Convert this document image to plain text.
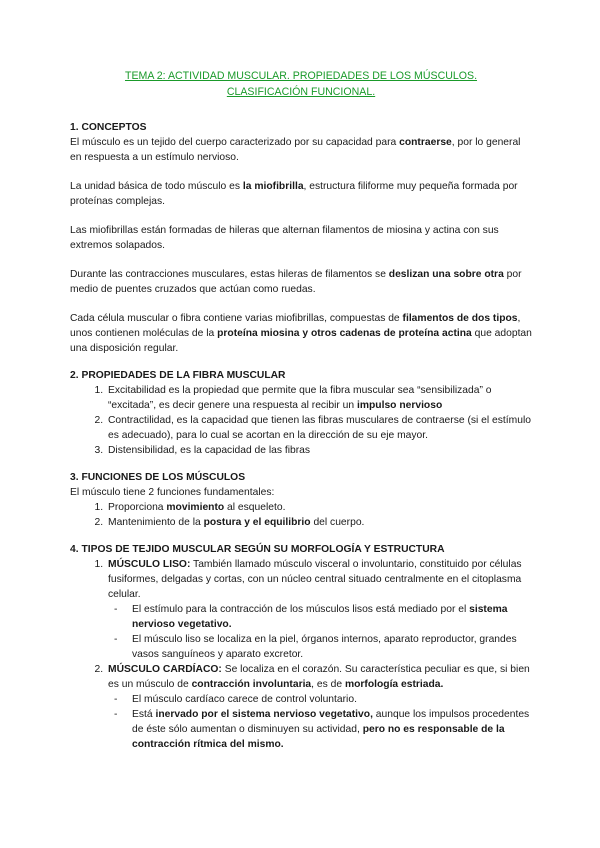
TEMA 2: ACTIVIDAD MUSCULAR. PROPIEDADES DE LOS MÚSCULOS.
CLASIFICACIÓN FUNCIONAL.
1. CONCEPTOS

El músculo es un tejido del cuerpo caracterizado por su capacidad para contraerse, por lo general en respuesta a un estímulo nervioso.

La unidad básica de todo músculo es la miofibrilla, estructura filiforme muy pequeña formada por proteínas complejas.

Las miofibrillas están formadas de hileras que alternan filamentos de miosina y actina con sus extremos solapados.

Durante las contracciones musculares, estas hileras de filamentos se deslizan una sobre otra por medio de puentes cruzados que actúan como ruedas.

Cada célula muscular o fibra contiene varias miofibrillas, compuestas de filamentos de dos tipos, unos contienen moléculas de la proteína miosina y otros cadenas de proteína actina que adoptan una disposición regular.

2. PROPIEDADES DE LA FIBRA MUSCULAR
1. Excitabilidad es la propiedad que permite que la fibra muscular sea “sensibilizada” o “excitada”, es decir genere una respuesta al recibir un impulso nervioso
2. Contractilidad, es la capacidad que tienen las fibras musculares de contraerse (si el estímulo es adecuado), para lo cual se acortan en la dirección de su eje mayor.
3. Distensibilidad, es la capacidad de las fibras
3. FUNCIONES DE LOS MÚSCULOS

El músculo tiene 2 funciones fundamentales:

1. Proporciona movimiento al esqueleto.
2. Mantenimiento de la postura y el equilibrio del cuerpo.
4. TIPOS DE TEJIDO MUSCULAR SEGÚN SU MORFOLOGÍA Y ESTRUCTURA
1. MÚSCULO LISO: También llamado músculo visceral o involuntario, constituido por células fusiformes, delgadas y cortas, con un núcleo central situado centralmente en el citoplasma celular.
- El estímulo para la contracción de los músculos lisos está mediado por el sistema nervioso vegetativo.
- El músculo liso se localiza en la piel, órganos internos, aparato reproductor, grandes vasos sanguíneos y aparato excretor.
2. MÚSCULO CARDÍACO: Se localiza en el corazón. Su característica peculiar es que, si bien es un músculo de contracción involuntaria, es de morfología estriada.
- El músculo cardíaco carece de control voluntario.
- Está inervado por el sistema nervioso vegetativo, aunque los impulsos procedentes de éste sólo aumentan o disminuyen su actividad, pero no es responsable de la contracción rítmica del mismo.
